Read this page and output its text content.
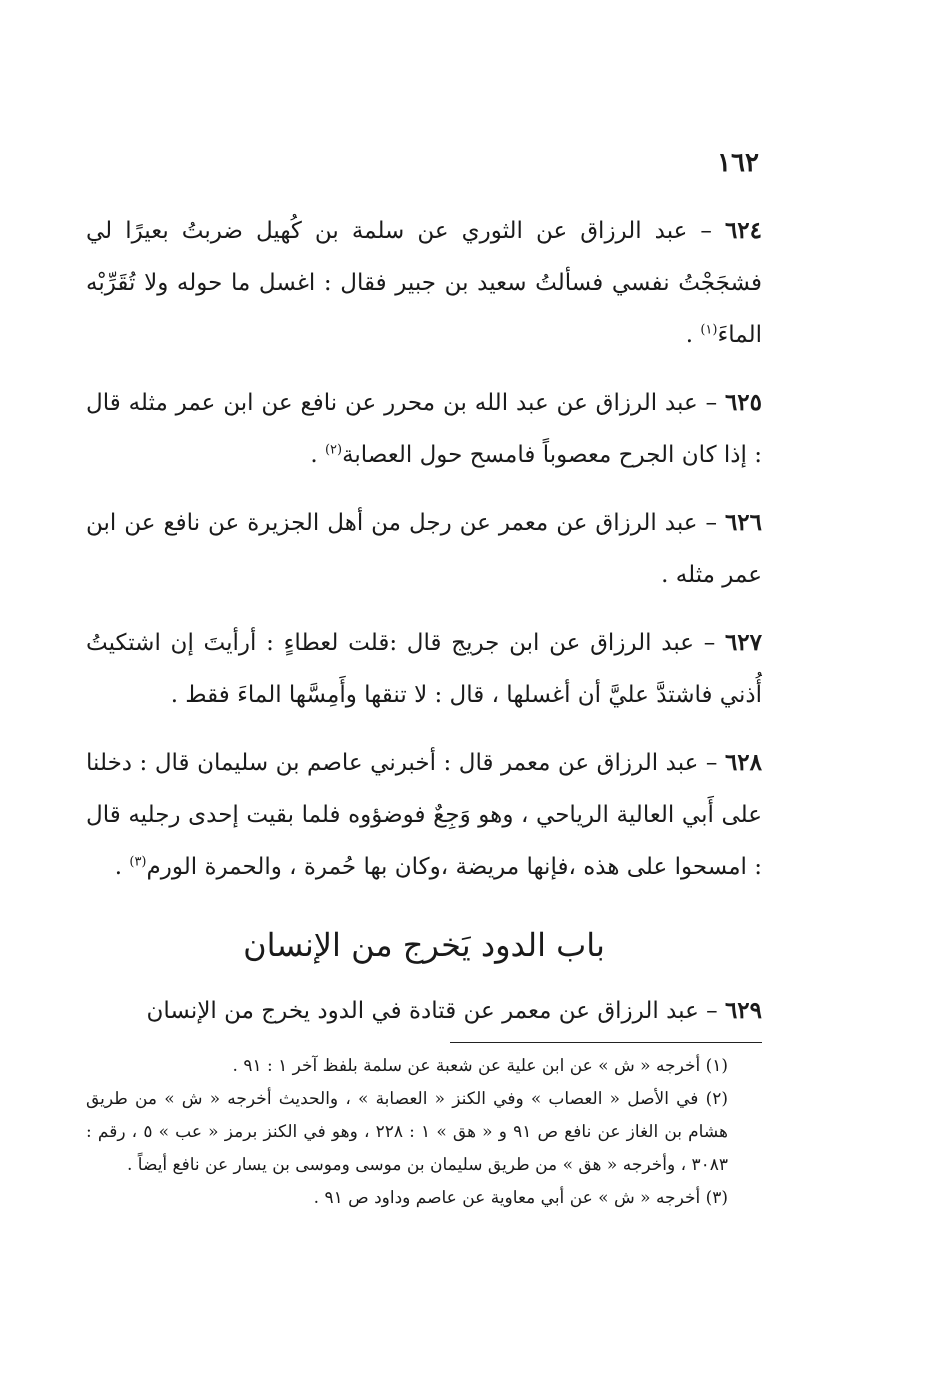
١٦٢

٦٢٤ – عبد الرزاق عن الثوري عن سلمة بن كُهيل ضربتُ بعيرًا لي فشجَجْتُ نفسي فسألتُ سعيد بن جبير فقال : اغسل ما حوله ولا تُقَرِّبْه الماءَ$^{(١)}$ .

٦٢٥ – عبد الرزاق عن عبد الله بن محرر عن نافع عن ابن عمر مثله قال : إذا كان الجرح معصوباً فامسح حول العصابة$^{(٢)}$ .

٦٢٦ – عبد الرزاق عن معمر عن رجل من أهل الجزيرة عن نافع عن ابن عمر مثله .

٦٢٧ – عبد الرزاق عن ابن جريج قال :قلت لعطاءٍ : أرأيتَ إن اشتكيتُ أُذني فاشتدَّ عليَّ أن أغسلها ، قال : لا تنقها وأَمِسَّها الماءَ فقط .

٦٢٨ – عبد الرزاق عن معمر قال : أخبرني عاصم بن سليمان قال : دخلنا على أَبي العالية الرياحي ، وهو وَجِعٌ فوضؤوه فلما بقيت إحدى رجليه قال : امسحوا على هذه ،فإنها مريضة ،وكان بها حُمرة ، والحمرة الورم$^{(٣)}$ .

باب الدود يَخرج من الإنسان
٦٢٩ – عبد الرزاق عن معمر عن قتادة في الدود يخرج من الإنسان

(١) أخرجه « ش » عن ابن علية عن شعبة عن سلمة بلفظ آخر ١ : ٩١ .

(٢) في الأصل « العصاب » وفي الكنز « العصابة » ، والحديث أخرجه « ش » من طريق هشام بن الغاز عن نافع ص ٩١ و « هق » ١ : ٢٢٨ ، وهو في الكنز برمز « عب » ٥ ، رقم : ٣٠٨٣ ، وأخرجه « هق » من طريق سليمان بن موسى وموسى بن يسار عن نافع أيضاً .

(٣) أخرجه « ش » عن أبي معاوية عن عاصم وداود ص ٩١ .
